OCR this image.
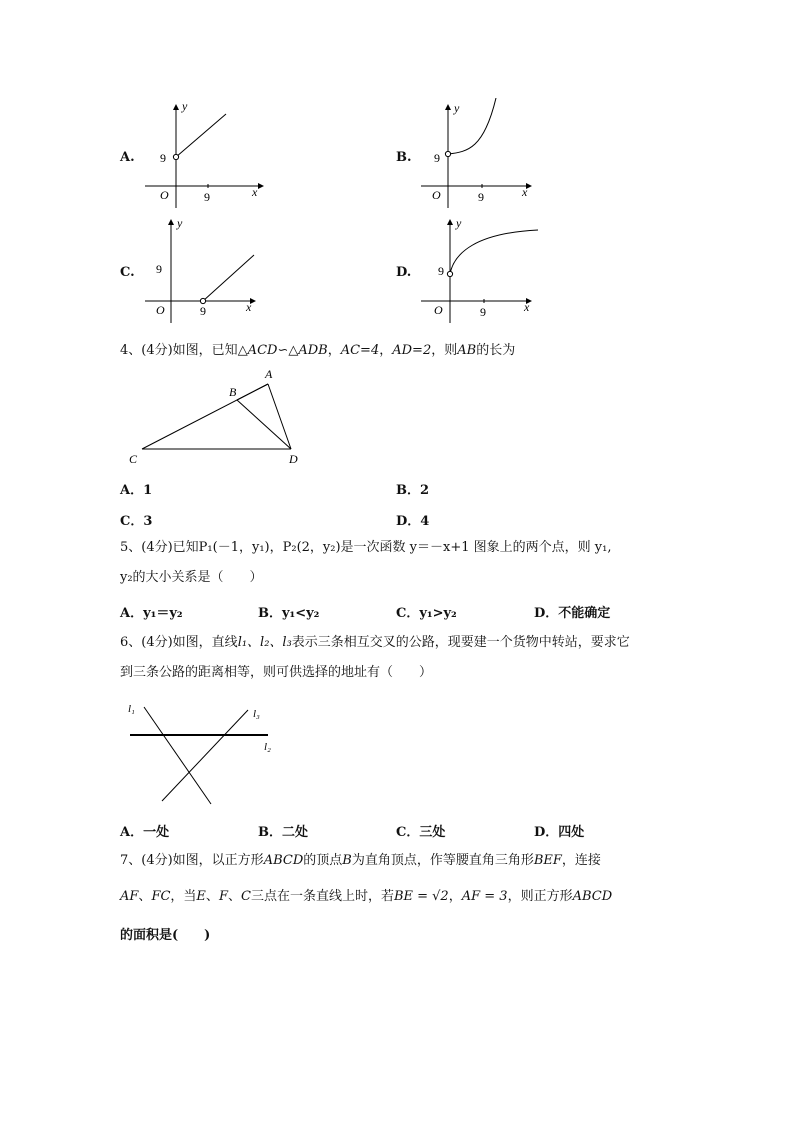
A.
y
x
O
9
9
B.
y
x
O
9
9
C.
y
x
O
9
9
D.
y
x
O
9
9
4、(4分)如图，已知△ACD∽△ADB，AC=4，AD=2，则AB的长为
A
B
C	D
A．1	B．2
C．3	D．4
5、(4分)已知P₁(－1，y₁)，P₂(2，y₂)是一次函数 y＝－x+1 图象上的两个点，则 y₁,
y₂的大小关系是（　　）
A．y₁＝y₂	B．y₁<y₂	C．y₁>y₂	D．不能确定
6、(4分)如图，直线l₁、l₂、l₃表示三条相互交叉的公路，现要建一个货物中转站，要求它
到三条公路的距离相等，则可供选择的地址有（　　）
l₁	l₃
l₂
A．一处	B．二处	C．三处	D．四处
7、(4分)如图，以正方形ABCD的顶点B为直角顶点，作等腰直角三角形BEF，连接
AF、FC，当E、F、C三点在一条直线上时，若BE = √2，AF = 3，则正方形ABCD
的面积是(　　)
